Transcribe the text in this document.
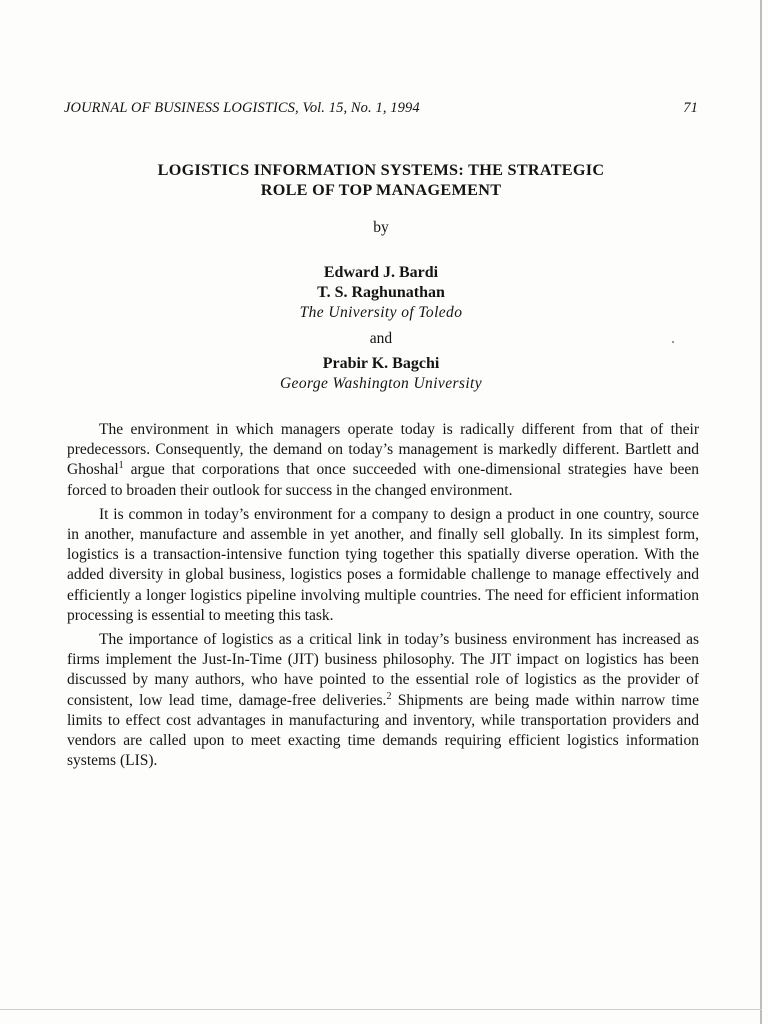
JOURNAL OF BUSINESS LOGISTICS, Vol. 15, No. 1, 1994	71
LOGISTICS INFORMATION SYSTEMS: THE STRATEGIC
ROLE OF TOP MANAGEMENT
by
Edward J. Bardi
T. S. Raghunathan
The University of Toledo
and
Prabir K. Bagchi
George Washington University

The environment in which managers operate today is radically different from that of their predecessors. Consequently, the demand on today’s management is markedly different. Bartlett and Ghoshal$^1$ argue that corporations that once succeeded with one-dimensional strategies have been forced to broaden their outlook for success in the changed environment.

It is common in today’s environment for a company to design a product in one country, source in another, manufacture and assemble in yet another, and finally sell globally. In its simplest form, logistics is a transaction-intensive function tying together this spatially diverse operation. With the added diversity in global business, logistics poses a formidable challenge to manage effectively and efficiently a longer logistics pipeline involving multiple countries. The need for efficient information processing is essential to meeting this task.

The importance of logistics as a critical link in today’s business environment has increased as firms implement the Just-In-Time (JIT) business philosophy. The JIT impact on logistics has been discussed by many authors, who have pointed to the essential role of logistics as the provider of consistent, low lead time, damage-free deliveries.$^2$ Shipments are being made within narrow time limits to effect cost advantages in manufacturing and inventory, while transportation providers and vendors are called upon to meet exacting time demands requiring efficient logistics information systems (LIS).
